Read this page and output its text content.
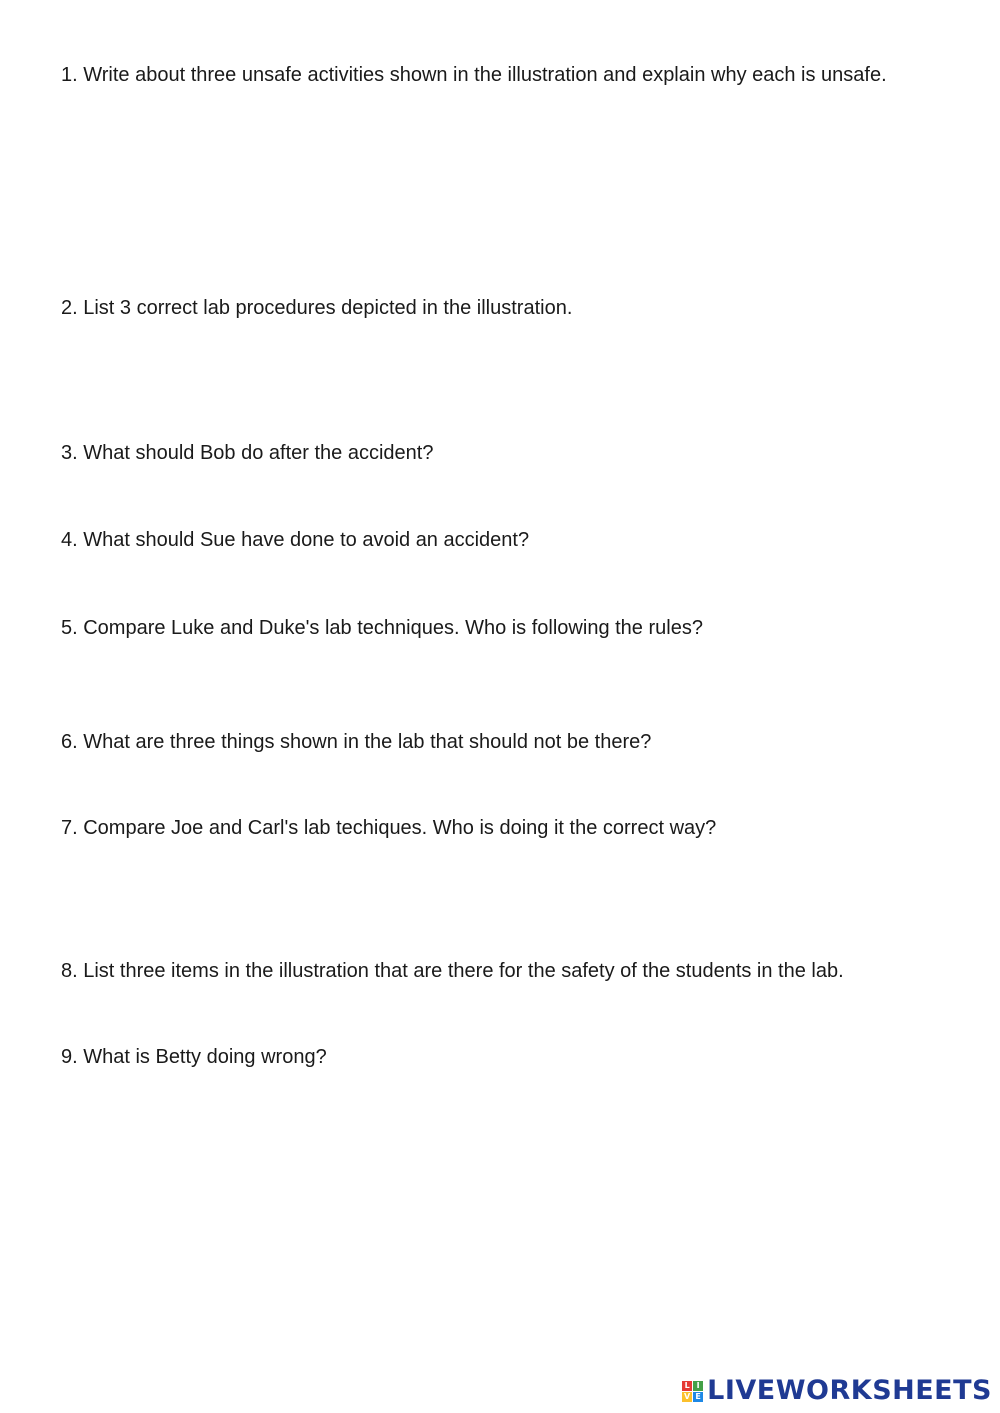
1. Write about three unsafe activities shown in the illustration and explain why each is unsafe.

2. List 3 correct lab procedures depicted in the illustration.

3. What should Bob do after the accident?

4. What should Sue have done to avoid an accident?

5. Compare Luke and Duke's lab techniques. Who is following the rules?

6. What are three things shown in the lab that should not be there?

7. Compare Joe and Carl's lab techiques. Who is doing it the correct way?

8. List three items in the illustration that are there for the safety of the students in the lab.

9. What is Betty doing wrong?

L I
V E LIVEWORKSHEETS
